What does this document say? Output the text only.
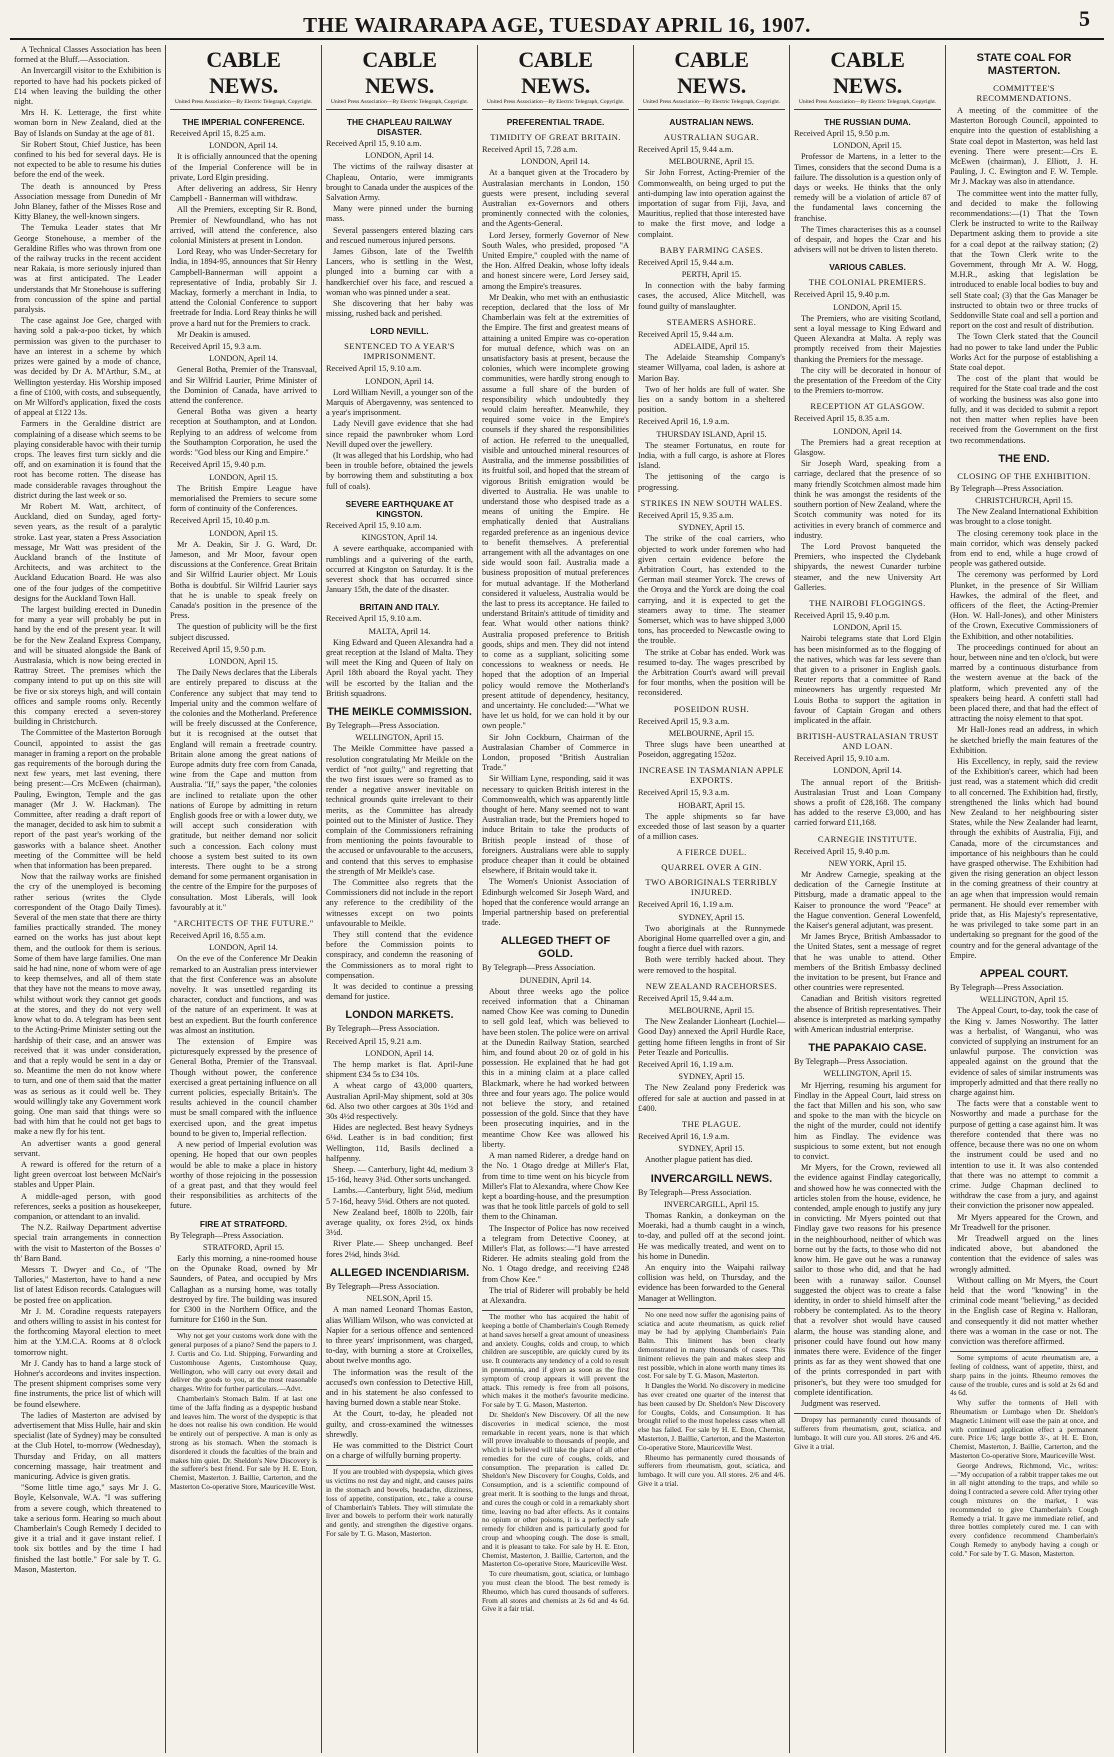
THE WAIRARAPA AGE, TUESDAY APRIL 16, 1907.	5

A Technical Classes Association has been formed at the Bluff.—Association.

An Invercargill visitor to the Exhibition is reported to have had his pockets picked of £14 when leaving the building the other night.

Mrs H. K. Letterage, the first white woman born in New Zealand, died at the Bay of Islands on Sunday at the age of 81.

Sir Robert Stout, Chief Justice, has been confined to his bed for several days. He is not expected to be able to resume his duties before the end of the week.

The death is announced by Press Association message from Dunedin of Mr John Blaney, father of the Misses Rose and Kitty Blaney, the well-known singers.

The Temuka Leader states that Mr George Stonehouse, a member of the Geraldine Rifles who was thrown from one of the railway trucks in the recent accident near Rakaia, is more seriously injured than was at first anticipated. The Leader understands that Mr Stonehouse is suffering from concussion of the spine and partial paralysis.

The case against Joe Gee, charged with having sold a pak-a-poo ticket, by which permission was given to the purchaser to have an interest in a scheme by which prizes were gained by a mode of chance, was decided by Dr A. M'Arthur, S.M., at Wellington yesterday. His Worship imposed a fine of £100, with costs, and subsequently, on Mr Wilford's application, fixed the costs of appeal at £122 13s.

Farmers in the Geraldine district are complaining of a disease which seems to be playing considerable havoc with their turnip crops. The leaves first turn sickly and die off, and on examination it is found that the root has become rotten. The disease has made considerable ravages throughout the district during the last week or so.

Mr Robert M. Watt, architect, of Auckland, died on Sunday, aged forty-seven years, as the result of a paralytic stroke. Last year, staten a Press Association message, Mr Watt was president of the Auckland branch of the Institute of Architects, and was architect to the Auckland Education Board. He was also one of the four judges of the competitive designs for the Auckland Town Hall.

The largest building erected in Dunedin for many a year will probably be put in hand by the end of the present year. It will be for the New Zealand Express Company, and will be situated alongside the Bank of Australasia, which is now being erected in Rattray Street. The premises which the company intend to put up on this site will be five or six storeys high, and will contain offices and sample rooms only. Recently this company erected a seven-storey building in Christchurch.

The Committee of the Masterton Borough Council, appointed to assist the gas manager in framing a report on the probable gas requirements of the borough during the next few years, met last evening, there being present:—Crs McEwen (chairman), Pauling, Ewington, Temple and the gas manager (Mr J. W. Hackman). The Committee, after reading a draft report of the manager, decided to ask him to submit a report of the past year's working of the gasworks with a balance sheet. Another meeting of the Committee will be held when that information has been prepared.

Now that the railway works are finished the cry of the unemployed is becoming rather serious (writes the Clyde correspondent of the Otago Daily Times). Several of the men state that there are thirty families practically stranded. The money earned on the works has just about kept them, and the outlook for them is serious. Some of them have large families. One man said he had nine, none of whom were of age to keep themselves, and all of them state that they have not the means to move away, whilst without work they cannot get goods at the stores, and they do not very well know what to do. A telegram has been sent to the Acting-Prime Minister setting out the hardship of their case, and an answer was received that it was under consideration, and that a reply would be sent in a day or so. Meantime the men do not know where to turn, and one of them said that the matter was as serious as it could well be. They would willingly take any Government work going. One man said that things were so bad with him that he could not get bags to make a new fly for his tent.

An advertiser wants a good general servant.

A reward is offered for the return of a light green overcoat lost between McNair's stables and Upper Plain.

A middle-aged person, with good references, seeks a position as housekeeper, companion, or attendant to an invalid.

The N.Z. Railway Department advertise special train arrangements in connection with the visit to Masterton of the Bosses o' th' Barn Band.

Messrs T. Dwyer and Co., of "The Tallories," Masterton, have to hand a new list of latest Edison records. Catalogues will be posted free on application.

Mr J. M. Coradine requests ratepayers and others willing to assist in his contest for the forthcoming Mayoral election to meet him at the Y.M.C.A. Rooms at 8 o'clock tomorrow night.

Mr J. Candy has to hand a large stock of Hohner's accordeons and invites inspection. The present shipment comprises some very fine instruments, the price list of which will be found elsewhere.

The ladies of Masterton are advised by advertisement that Miss Hulle, hair and skin specialist (late of Sydney) may be consulted at the Club Hotel, to-morrow (Wednesday), Thursday and Friday, on all matters concerning massage, hair treatment and manicuring. Advice is given gratis.

"Some little time ago," says Mr J. G. Boyle, Kelsonvale, W.A. "I was suffering from a severe cough, which threatened to take a serious form. Hearing so much about Chamberlain's Cough Remedy I decided to give it a trial and it gave instant relief. I took six bottles and by the time I had finished the last bottle." For sale by T. G. Mason, Masterton.

CABLE NEWS.
United Press Association—By Electric Telegraph, Copyright.
THE IMPERIAL CONFERENCE.

Received April 15, 8.25 a.m.

LONDON, April 14.

It is officially announced that the opening of the Imperial Conference will be in private, Lord Elgin presiding.

After delivering an address, Sir Henry Campbell - Bannerman will withdraw.

All the Premiers, excepting Sir R. Bond, Premier of Newfoundland, who has not arrived, will attend the conference, also colonial Ministers at present in London.

Lord Reay, who was Under-Secretary for India, in 1894-95, announces that Sir Henry Campbell-Bannerman will appoint a representative of India, probably Sir J. Mackay, formerly a merchant in India, to attend the Colonial Conference to support freetrade for India. Lord Reay thinks he will prove a hard nut for the Premiers to crack.

Mr Deakin is amused.

Received April 15, 9.3 a.m.

LONDON, April 14.

General Botha, Premier of the Transvaal, and Sir Wilfrid Laurier, Prime Minister of the Dominion of Canada, have arrived to attend the conference.

General Botha was given a hearty reception at Southampton, and at London. Replying to an address of welcome from the Southampton Corporation, he used the words: "God bless our King and Empire."

Received April 15, 9.40 p.m.

LONDON, April 15.

The British Empire League have memorialised the Premiers to secure some form of continuity of the Conferences.

Received April 15, 10.40 p.m.

LONDON, April 15.

Mr A. Deakin, Sir J. G. Ward, Dr. Jameson, and Mr Moor, favour open discussions at the Conference. Great Britain and Sir Wilfrid Laurier object. Mr Louis Botha is doubtful. Sir Wilfrid Laurier says that he is unable to speak freely on Canada's position in the presence of the Press.

The question of publicity will be the first subject discussed.

Received April 15, 9.50 p.m.

LONDON, April 15.

The Daily News declares that the Liberals are entirely prepared to discuss at the Conference any subject that may tend to Imperial unity and the common welfare of the colonies and the Motherland. Preference will be freely discussed at the Conference, but it is recognised at the outset that England will remain a freetrade country. Britain alone among the great nations of Europe admits duty free corn from Canada, wine from the Cape and mutton from Australia. "If," says the paper, "the colonies are inclined to retaliate upon the other nations of Europe by admitting in return English goods free or with a lower duty, we will accept such consideration with gratitude, but neither demand nor solicit such a concession. Each colony must choose a system best suited to its own interests. There ought to be a strong demand for some permanent organisation in the centre of the Empire for the purposes of consultation. Most Liberals, will look favourably at it."

"ARCHITECTS OF THE FUTURE."

Received April 16, 8.55 a.m.

LONDON, April 14.

On the eve of the Conference Mr Deakin remarked to an Australian press interviewer that the first Conference was an absolute novelty. It was unsettled regarding its character, conduct and functions, and was of the nature of an experiment. It was at best an expedient. But the fourth conference was almost an institution.

The extension of Empire was picturesquely expressed by the presence of General Botha, Premier of the Transvaal. Though without power, the conference exercised a great pertaining influence on all current policies, especially Britain's. The results achieved in the council chamber must be small compared with the influence exercised upon, and the great impetus bound to be given to, Imperial reflection.

A new period of Imperial evolution was opening. He hoped that our own peoples would be able to make a place in history worthy of those rejoicing in the possession of a great past, and that they would feel their responsibilities as architects of the future.

FIRE AT STRATFORD.

By Telegraph—Press Association.

STRATFORD, April 15.

Early this morning, a nine-roomed house on the Opunake Road, owned by Mr Saunders, of Patea, and occupied by Mrs Callaghan as a nursing home, was totally destroyed by fire. The building was insured for £300 in the Northern Office, and the furniture for £160 in the Sun.

Why not get your customs work done with the general purposes of a piano? Send the papers to J. J. Curtis and Co. Ltd. Shipping, Forwarding and Customhouse Agents, Customhouse Quay, Wellington, who will carry out every detail and deliver the goods to you, at the most reasonable charges. Write for further particulars.—Advt.

Chamberlain's Stomach Balm. If at last one time of the Jaffa finding as a dyspeptic husband and leaves him. The worst of the dyspeptic is that he does not realise his own condition. He would be entirely out of perspective. A man is only as strong as his stomach. When the stomach is disordered it clouds the faculties of the brain and makes him quiet. Dr. Sheldon's New Discovery is the sufferer's best friend. For sale by H. E. Eton, Chemist, Masterton. J. Baillie, Carterton, and the Masterton Co-operative Store, Mauriceville West.

CABLE NEWS.
United Press Association—By Electric Telegraph, Copyright.
THE CHAPLEAU RAILWAY DISASTER.

Received April 15, 9.10 a.m.

LONDON, April 14.

The victims of the railway disaster at Chapleau, Ontario, were immigrants brought to Canada under the auspices of the Salvation Army.

Many were pinned under the burning mass.

Several passengers entered blazing cars and rescued numerous injured persons.

James Gibson, late of the Twelfth Lancers, who is settling in the West, plunged into a burning car with a handkerchief over his face, and rescued a woman who was pinned under a seat.

She discovering that her baby was missing, rushed back and perished.

LORD NEVILL.
SENTENCED TO A YEAR'S IMPRISONMENT.

Received April 15, 9.10 a.m.

LONDON, April 14.

Lord William Nevill, a younger son of the Marquis of Abergavenny, was sentenced to a year's imprisonment.

Lady Nevill gave evidence that she had since repaid the pawnbroker whom Lord Nevill duped over the jewellery.

(It was alleged that his Lordship, who had been in trouble before, obtained the jewels by borrowing them and substituting a box full of coals).

SEVERE EARTHQUAKE AT KINGSTON.

Received April 15, 9.10 a.m.

KINGSTON, April 14.

A severe earthquake, accompanied with rumblings and a quivering of the earth, occurred at Kingston on Saturday. It is the severest shock that has occurred since January 15th, the date of the disaster.

BRITAIN AND ITALY.

Received April 15, 9.10 a.m.

MALTA, April 14.

King Edward and Queen Alexandra had a great reception at the Island of Malta. They will meet the King and Queen of Italy on April 18th aboard the Royal yacht. They will be escorted by the Italian and the British squadrons.

THE MEIKLE COMMISSION.

By Telegraph—Press Association.

WELLINGTON, April 15.

The Meikle Committee have passed a resolution congratulating Mr Meikle on the verdict of "not guilty," and regretting that the two first issues were so framed as to render a negative answer inevitable on technical grounds quite irrelevant to their merits, as the Committee has already pointed out to the Minister of Justice. They complain of the Commissioners refraining from mentioning the points favourable to the accused or unfavourable to the accusers, and contend that this serves to emphasise the strength of Mr Meikle's case.

The Committee also regrets that the Commissioners did not include in the report any reference to the credibility of the witnesses except on two points unfavourable to Meikle.

They still contend that the evidence before the Commission points to conspiracy, and condemn the reasoning of the Commissioners as to moral right to compensation.

It was decided to continue a pressing demand for justice.

LONDON MARKETS.

By Telegraph—Press Association.

Received April 15, 9.21 a.m.

LONDON, April 14.

The hemp market is flat. April-June shipment £34 5s to £34 10s.

A wheat cargo of 43,000 quarters, Australian April-May shipment, sold at 30s 6d. Also two other cargoes at 30s 1½d and 30s 4½d respectively.

Hides are neglected. Best heavy Sydneys 6⅛d. Leather is in bad condition; first Wellington, 11d, Basils declined a halfpenny.

Sheep. — Canterbury, light 4d, medium 3 15-16d, heavy 3¾d. Other sorts unchanged.

Lambs.—Canterbury, light 5¼d, medium 5 7-16d, heavy 5⅛d. Others are not quoted.

New Zealand beef, 180lb to 220lb, fair average quality, ox fores 2½d, ox hinds 3½d.

River Plate.— Sheep unchanged. Beef fores 2⅛d, hinds 3⅛d.

ALLEGED INCENDIARISM.

By Telegraph—Press Association.

NELSON, April 15.

A man named Leonard Thomas Easton, alias William Wilson, who was convicted at Napier for a serious offence and sentenced to three years' imprisonment, was charged, to-day, with burning a store at Croixelles, about twelve months ago.

The information was the result of the accused's own confession to Detective Hill, and in his statement he also confessed to having burned down a stable near Stoke.

At the Court, to-day, he pleaded not guilty, and cross-examined the witnesses shrewdly.

He was committed to the District Court on a charge of wilfully burning property.

If you are troubled with dyspepsia, which gives us victims no rest day and night, and causes pains in the stomach and bowels, headache, dizziness, loss of appetite, constipation, etc., take a course of Chamberlain's Tablets. They will stimulate the liver and bowels to perform their work naturally and gently, and strengthen the digestive organs. For sale by T. G. Mason, Masterton.

CABLE NEWS.
United Press Association—By Electric Telegraph, Copyright.
PREFERENTIAL TRADE.
TIMIDITY OF GREAT BRITAIN.

Received April 15, 7.28 a.m.

LONDON, April 14.

At a banquet given at the Trocadero by Australasian merchants in London, 150 guests were present, including several Australian ex-Governors and others prominently connected with the colonies, and the Agents-General.

Lord Jersey, formerly Governor of New South Wales, who presided, proposed "A United Empire," coupled with the name of the Hon. Alfred Deakin, whose lofty ideals and honest sincere were, Lord Jersey said, among the Empire's treasures.

Mr Deakin, who met with an enthusiastic reception, declared that the loss of Mr Chamberlain was felt at the extremities of the Empire. The first and greatest means of attaining a united Empire was co-operation for mutual defence, which was on an unsatisfactory basis at present, because the colonies, which were incomplete growing communities, were hardly strong enough to assume a full share of the burden of responsibility which undoubtedly they would claim hereafter. Meanwhile, they required some voice in the Empire's counsels if they shared the responsibilities of action. He referred to the unequalled, visible and untouched mineral resources of Australia, and the immense possibilities of its fruitful soil, and hoped that the stream of vigorous British emigration would be diverted to Australia. He was unable to understand those who despised trade as a means of uniting the Empire. He emphatically denied that Australians regarded preference as an ingenious device to benefit themselves. A preferential arrangement with all the advantages on one side would soon fail. Australia made a business proposition of mutual preferences for mutual advantage. If the Motherland considered it valueless, Australia would be the last to press its acceptance. He failed to understand Britain's attitude of timidity and fear. What would other nations think? Australia proposed preference to British goods, ships and men. They did not intend to come as a suppliant, soliciting some concessions to weakness or needs. He hoped that the adoption of an Imperial policy would remove the Motherland's present attitude of dependency, hesitancy, and uncertainty. He concluded:—"What we have let us hold, for we can hold it by our own people."

Sir John Cockburn, Chairman of the Australasian Chamber of Commerce in London, proposed "British Australian Trade."

Sir William Lyne, responding, said it was necessary to quicken British interest in the Commonwealth, which was apparently little thought of here. Many seemed not to want Australian trade, but the Premiers hoped to induce Britain to take the products of British people instead of those of foreigners. Australians were able to supply produce cheaper than it could be obtained elsewhere, if Britain would take it.

The Women's Unionist Association of Edinburgh welcomed Sir Joseph Ward, and hoped that the conference would arrange an Imperial partnership based on preferential trade.

ALLEGED THEFT OF GOLD.

By Telegraph—Press Association.

DUNEDIN, April 14.

About three weeks ago the police received information that a Chinaman named Chow Kee was coming to Dunedin to sell gold leaf, which was believed to have been stolen. The police were on arrival at the Dunedin Railway Station, searched him, and found about 20 oz of gold in his possession. He explained that he had got this in a mining claim at a place called Blackmark, where he had worked between three and four years ago. The police would not believe the story, and retained possession of the gold. Since that they have been prosecuting inquiries, and in the meantime Chow Kee was allowed his liberty.

A man named Riderer, a dredge hand on the No. 1 Otago dredge at Miller's Flat, from time to time went on his bicycle from Miller's Flat to Alexandra, where Chow Kee kept a boarding-house, and the presumption was that he took little parcels of gold to sell them to the Chinaman.

The Inspector of Police has now received a telegram from Detective Cooney, at Miller's Flat, as follows:—"I have arrested Riderer. He admits stealing gold from the No. 1 Otago dredge, and receiving £248 from Chow Kee."

The trial of Riderer will probably be held at Alexandra.

The mother who has acquired the habit of keeping a bottle of Chamberlain's Cough Remedy at hand saves herself a great amount of uneasiness and anxiety. Coughs, colds and croup, to which children are susceptible, are quickly cured by its use. It counteracts any tendency of a cold to result in pneumonia, and if given as soon as the first symptom of croup appears it will prevent the attack. This remedy is free from all poisons, which makes it the mother's favourite medicine. For sale by T. G. Mason, Masterton.

Dr. Sheldon's New Discovery. Of all the new discoveries in medical science, the most remarkable in recent years, none is that which will prove invaluable to thousands of people, and which it is believed will take the place of all other remedies for the cure of coughs, colds, and consumption. The preparation is called Dr. Sheldon's New Discovery for Coughs, Colds, and Consumption, and is a scientific compound of great merit. It is soothing to the lungs and throat, and cures the cough or cold in a remarkably short time, leaving no bad after effects. As it contains no opium or other poisons, it is a perfectly safe remedy for children and is particularly good for croup and whooping cough. The dose is small, and it is pleasant to take. For sale by H. E. Eton, Chemist, Masterton, J. Baillie, Carterton, and the Masterton Co-operative Store, Mauriceville West.

To cure rheumatism, gout, sciatica, or lumbago you must clean the blood. The best remedy is Rheumo, which has cured thousands of sufferers. From all stores and chemists at 2s 6d and 4s 6d. Give it a fair trial.

CABLE NEWS.
United Press Association—By Electric Telegraph, Copyright.
AUSTRALIAN NEWS.
AUSTRALIAN SUGAR.

Received April 15, 9.44 a.m.

MELBOURNE, April 15.

Sir John Forrest, Acting-Premier of the Commonwealth, on being urged to put the anti-dumping law into operation against the importation of sugar from Fiji, Java, and Mauritius, replied that those interested have to make the first move, and lodge a complaint.

BABY FARMING CASES.

Received April 15, 9.44 a.m.

PERTH, April 15.

In connection with the baby farming cases, the accused, Alice Mitchell, was found guilty of manslaughter.

STEAMERS ASHORE.

Received April 15, 9.44 a.m.

ADELAIDE, April 15.

The Adelaide Steamship Company's steamer Willyama, coal laden, is ashore at Marion Bay.

Two of her holds are full of water. She lies on a sandy bottom in a sheltered position.

Received April 16, 1.9 a.m.

THURSDAY ISLAND, April 15.

The steamer Fortunatus, en route for India, with a full cargo, is ashore at Flores Island.

The jettisoning of the cargo is progressing.

STRIKES IN NEW SOUTH WALES.

Received April 15, 9.35 a.m.

SYDNEY, April 15.

The strike of the coal carriers, who objected to work under foremen who had given certain evidence before the Arbitration Court, has extended to the German mail steamer Yorck. The crews of the Oroya and the Yorck are doing the coal carrying, and it is expected to get the steamers away to time. The steamer Somerset, which was to have shipped 3,000 tons, has proceeded to Newcastle owing to the trouble.

The strike at Cobar has ended. Work was resumed to-day. The wages prescribed by the Arbitration Court's award will prevail for four months, when the position will be reconsidered.

POSEIDON RUSH.

Received April 15, 9.3 a.m.

MELBOURNE, April 15.

Three slugs have been unearthed at Poseidon, aggregating 152oz.

INCREASE IN TASMANIAN APPLE EXPORTS.

Received April 15, 9.3 a.m.

HOBART, April 15.

The apple shipments so far have exceeded those of last season by a quarter of a million cases.

A FIERCE DUEL.
QUARREL OVER A GIN.
TWO ABORIGINALS TERRIBLY INJURED.

Received April 16, 1.19 a.m.

SYDNEY, April 15.

Two aboriginals at the Runnymede Aboriginal Home quarrelled over a gin, and fought a fierce duel with razors.

Both were terribly hacked about. They were removed to the hospital.

NEW ZEALAND RACEHORSES.

Received April 15, 9.44 a.m.

MELBOURNE, April 15.

The New Zealander Lionheart (Lochiel—Good Day) annexed the April Hurdle Race, getting home fifteen lengths in front of Sir Peter Teazle and Portcullis.

Received April 16, 1.19 a.m.

SYDNEY, April 15.

The New Zealand pony Frederick was offered for sale at auction and passed in at £400.

THE PLAGUE.

Received April 16, 1.9 a.m.

SYDNEY, April 15.

Another plague patient has died.

INVERCARGILL NEWS.

By Telegraph—Press Association.

INVERCARGILL, April 15.

Thomas Rankin, a donkeyman on the Moeraki, had a thumb caught in a winch, to-day, and pulled off at the second joint. He was medically treated, and went on to his home in Dunedin.

An enquiry into the Waipahi railway collision was held, on Thursday, and the evidence has been forwarded to the General Manager at Wellington.

No one need now suffer the agonising pains of sciatica and acute rheumatism, as quick relief may be had by applying Chamberlain's Pain Balm. This liniment has been clearly demonstrated in many thousands of cases. This liniment relieves the pain and makes sleep and rest possible, which in alone worth many times its cost. For sale by T. G. Mason, Masterton.

It Dangles the World. No discovery in medicine has ever created one quarter of the interest that has been caused by Dr. Sheldon's New Discovery for Coughs, Colds, and Consumption. It has brought relief to the most hopeless cases when all else has failed. For sale by H. E. Eton, Chemist, Masterton, J. Baillie, Carterton, and the Masterton Co-operative Store, Mauriceville West.

Rheumo has permanently cured thousands of sufferers from rheumatism, gout, sciatica, and lumbago. It will cure you. All stores. 2/6 and 4/6. Give it a trial.

CABLE NEWS.
United Press Association—By Electric Telegraph, Copyright.
THE RUSSIAN DUMA.

Received April 15, 9.50 p.m.

LONDON, April 15.

Professor de Martens, in a letter to the Times, considers that the second Duma is a failure. The dissolution is a question only of days or weeks. He thinks that the only remedy will be a violation of article 87 of the fundamental laws concerning the franchise.

The Times characterises this as a counsel of despair, and hopes the Czar and his advisers will not be driven to listen thereto.

VARIOUS CABLES.
THE COLONIAL PREMIERS.

Received April 15, 9.40 p.m.

LONDON, April 15.

The Premiers, who are visiting Scotland, sent a loyal message to King Edward and Queen Alexandra at Malta. A reply was promptly received from their Majesties thanking the Premiers for the message.

The city will be decorated in honour of the presentation of the Freedom of the City to the Premiers to-morrow.

RECEPTION AT GLASGOW.

Received April 15, 8.35 a.m.

LONDON, April 14.

The Premiers had a great reception at Glasgow.

Sir Joseph Ward, speaking from a carriage, declared that the presence of so many friendly Scotchmen almost made him think he was amongst the residents of the southern portion of New Zealand, where the Scotch community was noted for its activities in every branch of commerce and industry.

The Lord Provost banqueted the Premiers, who inspected the Clydebank shipyards, the newest Cunarder turbine steamer, and the new University Art Galleries.

THE NAIROBI FLOGGINGS.

Received April 15, 9.40 p.m.

LONDON, April 15.

Nairobi telegrams state that Lord Elgin has been misinformed as to the flogging of the natives, which was far less severe than that given to a prisoner in English gaols. Reuter reports that a committee of Rand mineowners has urgently requested Mr Louis Botha to support the agitation in favour of Captain Grogan and others implicated in the affair.

BRITISH-AUSTRALASIAN TRUST AND LOAN.

Received April 15, 9.10 a.m.

LONDON, April 14.

The annual report of the British-Australasian Trust and Loan Company shows a profit of £28,168. The company has added to the reserve £3,000, and has carried forward £11,168.

CARNEGIE INSTITUTE.

Received April 15, 9.40 p.m.

NEW YORK, April 15.

Mr Andrew Carnegie, speaking at the dedication of the Carnegie Institute at Pittsburg, made a dramatic appeal to the Kaiser to pronounce the word "Peace" at the Hague convention. General Lowenfeld, the Kaiser's general adjutant, was present.

Mr James Bryce, British Ambassador to the United States, sent a message of regret that he was unable to attend. Other members of the British Embassy declined the invitation to be present, but France and other countries were represented.

Canadian and British visitors regretted the absence of British representatives. Their absence is interpreted as marking sympathy with American industrial enterprise.

THE PAPAKAIO CASE.

By Telegraph—Press Association.

WELLINGTON, April 15.

Mr Hjerring, resuming his argument for Findlay in the Appeal Court, laid stress on the fact that Millen and his son, who saw and spoke to the man with the bicycle on the night of the murder, could not identify him as Findlay. The evidence was suspicious to some extent, but not enough to convict.

Mr Myers, for the Crown, reviewed all the evidence against Findlay categorically, and showed how he was connected with the articles stolen from the house, evidence, he contended, ample enough to justify any jury in convicting. Mr Myers pointed out that Findlay gave two reasons for his presence in the neighbourhood, neither of which was borne out by the facts, to those who did not know him. He gave out he was a runaway sailor to those who did, and that he had been with a runaway sailor. Counsel suggested the object was to create a false identity, in order to shield himself after the robbery be contemplated. As to the theory that a revolver shot would have caused alarm, the house was standing alone, and prisoner could have found out how many inmates there were. Evidence of the finger prints as far as they went showed that one of the prints corresponded in part with prisoner's, but they were too smudged for complete identification.

Judgment was reserved.

Dropsy has permanently cured thousands of sufferers from rheumatism, gout, sciatica, and lumbago. It will cure you. All stores. 2/6 and 4/6. Give it a trial.

STATE COAL FOR MASTERTON.
COMMITTEE'S RECOMMENDATIONS.

A meeting of the committee of the Masterton Borough Council, appointed to enquire into the question of establishing a State coal depot in Masterton, was held last evening. There were present:—Crs E. McEwen (chairman), J. Elliott, J. H. Pauling, J. C. Ewington and F. W. Temple. Mr J. Mackay was also in attendance.

The committee went into the matter fully, and decided to make the following recommendations:—(1) That the Town Clerk be instructed to write to the Railway Department asking them to provide a site for a coal depot at the railway station; (2) that the Town Clerk write to the Government, through Mr A. W. Hogg, M.H.R., asking that legislation be introduced to enable local bodies to buy and sell State coal; (3) that the Gas Manager be instructed to obtain two or three trucks of Seddonville State coal and sell a portion and report on the cost and result of distribution.

The Town Clerk stated that the Council had no power to take land under the Public Works Act for the purpose of establishing a State coal depot.

The cost of the plant that would be required for the State coal trade and the cost of working the business was also gone into fully, and it was decided to submit a report not then matter when replies have been received from the Government on the first two recommendations.

THE END.
CLOSING OF THE EXHIBITION.

By Telegraph—Press Association.

CHRISTCHURCH, April 15.

The New Zealand International Exhibition was brought to a close tonight.

The closing ceremony took place in the main corridor, which was densely packed from end to end, while a huge crowd of people was gathered outside.

The ceremony was performed by Lord Plunket, in the presence of Sir William Hawkes, the admiral of the fleet, and officers of the fleet, the Acting-Premier (Hon. W. Hall-Jones), and other Ministers of the Crown, Executive Commissioners of the Exhibition, and other notabilities.

The proceedings continued for about an hour, between nine and ten o'clock, but were marred by a continuous disturbance from the western avenue at the back of the platform, which prevented any of the speakers being heard. A confetti stall had been placed there, and that had the effect of attracting the noisy element to that spot.

Mr Hall-Jones read an address, in which he sketched briefly the main features of the Exhibition.

His Excellency, in reply, said the review of the Exhibition's career, which had been just read, was a statement which did credit to all concerned. The Exhibition had, firstly, strengthened the links which had bound New Zealand to her neighbouring sister States, while the New Zealander had learnt, through the exhibits of Australia, Fiji, and Canada, more of the circumstances and importance of his neighbours than he could have grasped otherwise. The Exhibition had given the rising generation an object lesson in the coming greatness of their country at an age when that impression would remain permanent. He should ever remember with pride that, as His Majesty's representative, he was privileged to take some part in an undertaking so pregnant for the good of the country and for the general advantage of the Empire.

APPEAL COURT.

By Telegraph—Press Association.

WELLINGTON, April 15.

The Appeal Court, to-day, took the case of the King v. James Nosworthy. The latter was a herbalist, of Wanganui, who was convicted of supplying an instrument for an unlawful purpose. The conviction was appealed against on the ground that the evidence of sales of similar instruments was improperly admitted and that there really no charge against him.

The facts were that a constable went to Nosworthy and made a purchase for the purpose of getting a case against him. It was therefore contended that there was no offence, because there was no one on whom the instrument could be used and no intention to use it. It was also contended that there was no attempt to commit a crime. Judge Chapman declined to withdraw the case from a jury, and against their conviction the prisoner now appealed.

Mr Myers appeared for the Crown, and Mr Treadwell for the prisoner.

Mr Treadwell argued on the lines indicated above, but abandoned the contention that the evidence of sales was wrongly admitted.

Without calling on Mr Myers, the Court held that the word "knowing" in the criminal code meant "believing," as decided in the English case of Regina v. Halloran, and consequently it did not matter whether there was a woman in the case or not. The conviction was therefore affirmed.

Some symptoms of acute rheumatism are, a feeling of coldness, want of appetite, thirst, and sharp pains in the joints. Rheumo removes the cause of the trouble, cures and is sold at 2s 6d and 4s 6d.

Why suffer the torments of Hell with Rheumatism or Lumbago when Dr. Sheldon's Magnetic Liniment will ease the pain at once, and with continued application effect a permanent cure. Price 1/6; large bottle 3/-, at H. E. Eton, Chemist, Masterton, J. Baillie, Carterton, and the Masterton Co-operative Store, Mauriceville West.

George Andrews, Richmond, Vic., writes:—"My occupation of a rabbit trapper takes me out in all night attending to the traps, and while so doing I contracted a severe cold. After trying other cough mixtures on the market, I was recommended to give Chamberlain's Cough Remedy a trial. It gave me immediate relief, and three bottles completely cured me. I can with every confidence recommend Chamberlain's Cough Remedy to anybody having a cough or cold." For sale by T. G. Mason, Masterton.
